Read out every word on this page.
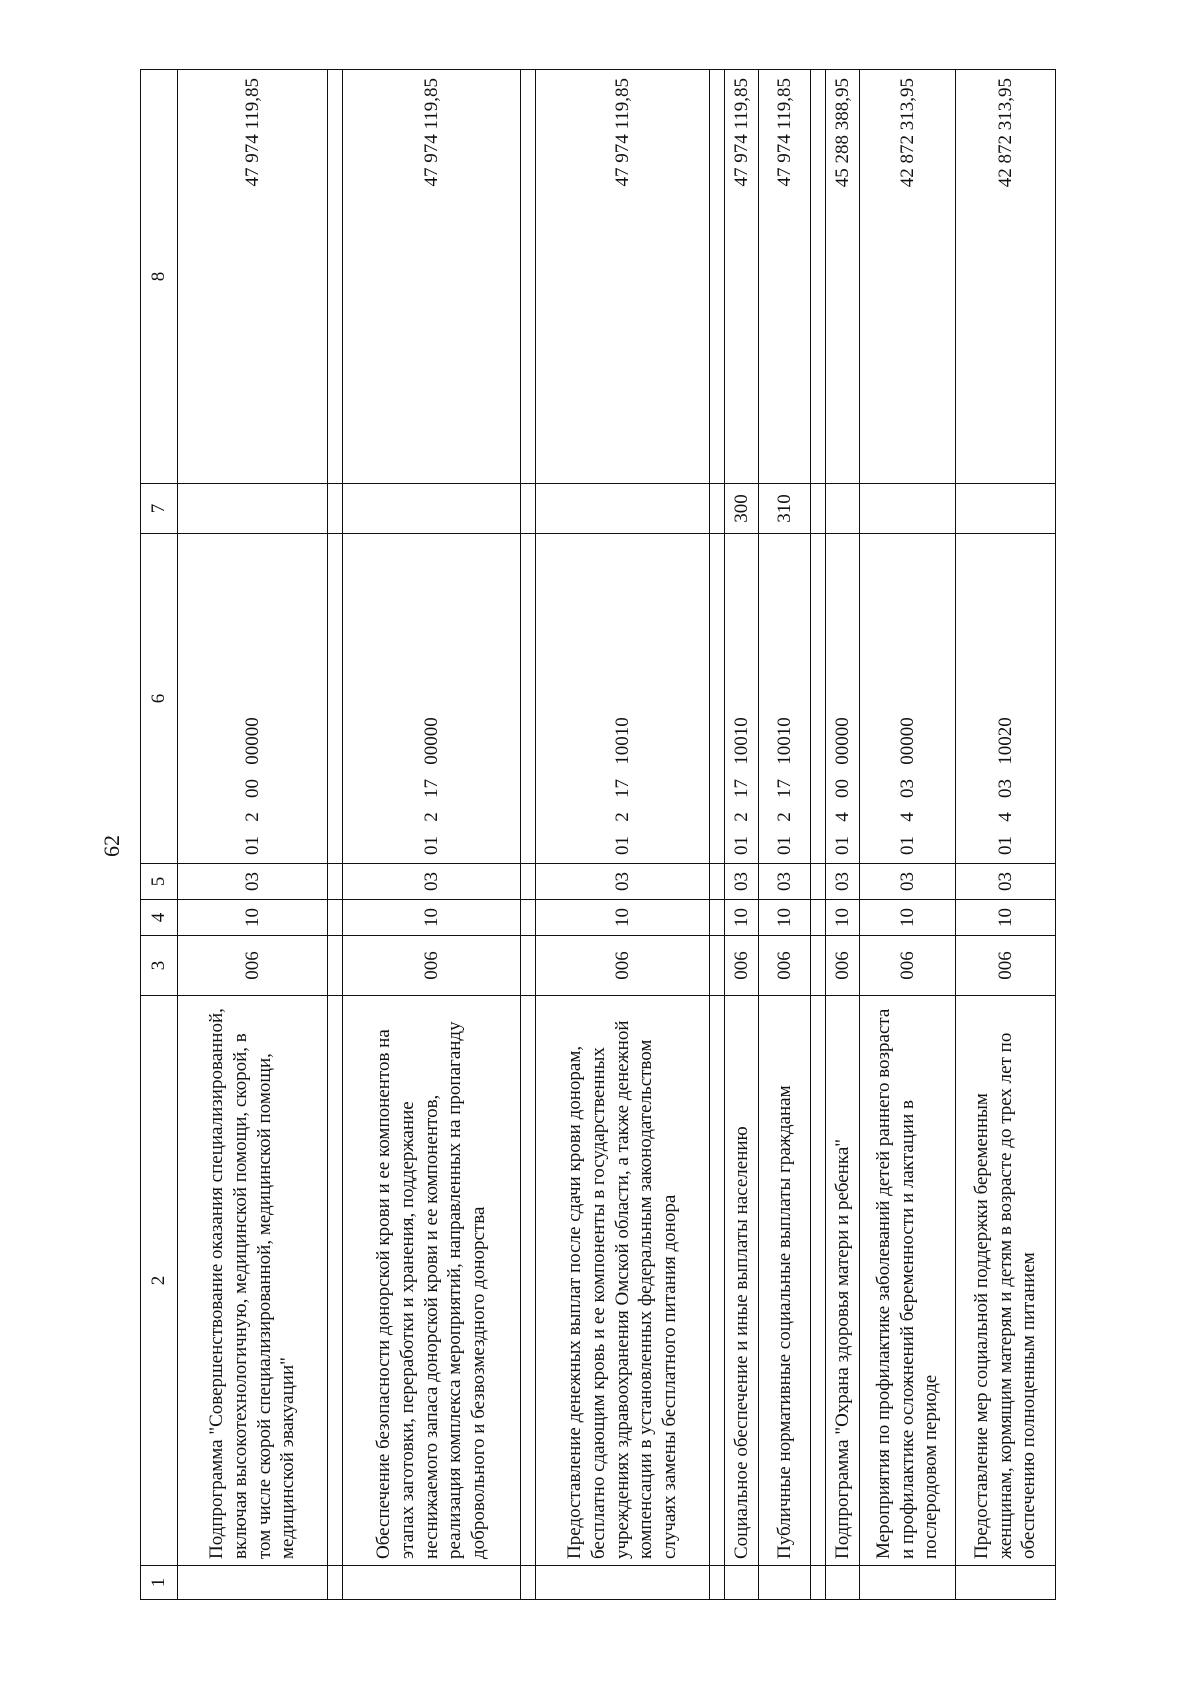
62
1	2	3	4	5	6	7	8
	Подпрограмма "Совершенствование оказания специализированной, включая высокотехнологичную, медицинской помощи, скорой, в том числе скорой специализированной, медицинской помощи, медицинской эвакуации"	006	10	03	01   2   00   00000		47 974 119,85

	Обеспечение безопасности донорской крови и ее компонентов на этапах заготовки, переработки и хранения, поддержание неснижаемого запаса донорской крови и ее компонентов, реализация комплекса мероприятий, направленных на пропаганду добровольного и безвозмездного донорства	006	10	03	01   2   17   00000		47 974 119,85

	Предоставление денежных выплат после сдачи крови донорам, бесплатно сдающим кровь и ее компоненты в государственных учреждениях здравоохранения Омской области, а также денежной компенсации в установленных федеральным законодательством случаях замены бесплатного питания донора	006	10	03	01   2   17   10010		47 974 119,85

	Социальное обеспечение и иные выплаты населению	006	10	03	01   2   17   10010	300	47 974 119,85
	Публичные нормативные социальные выплаты гражданам	006	10	03	01   2   17   10010	310	47 974 119,85

	Подпрограмма "Охрана здоровья матери и ребенка"	006	10	03	01   4   00   00000		45 288 388,95
	Мероприятия по профилактике заболеваний детей раннего возраста и профилактике осложнений беременности и лактации в послеродовом периоде	006	10	03	01   4   03   00000		42 872 313,95
	Предоставление мер социальной поддержки беременным женщинам, кормящим матерям и детям в возрасте до трех лет по обеспечению полноценным питанием	006	10	03	01   4   03   10020		42 872 313,95
